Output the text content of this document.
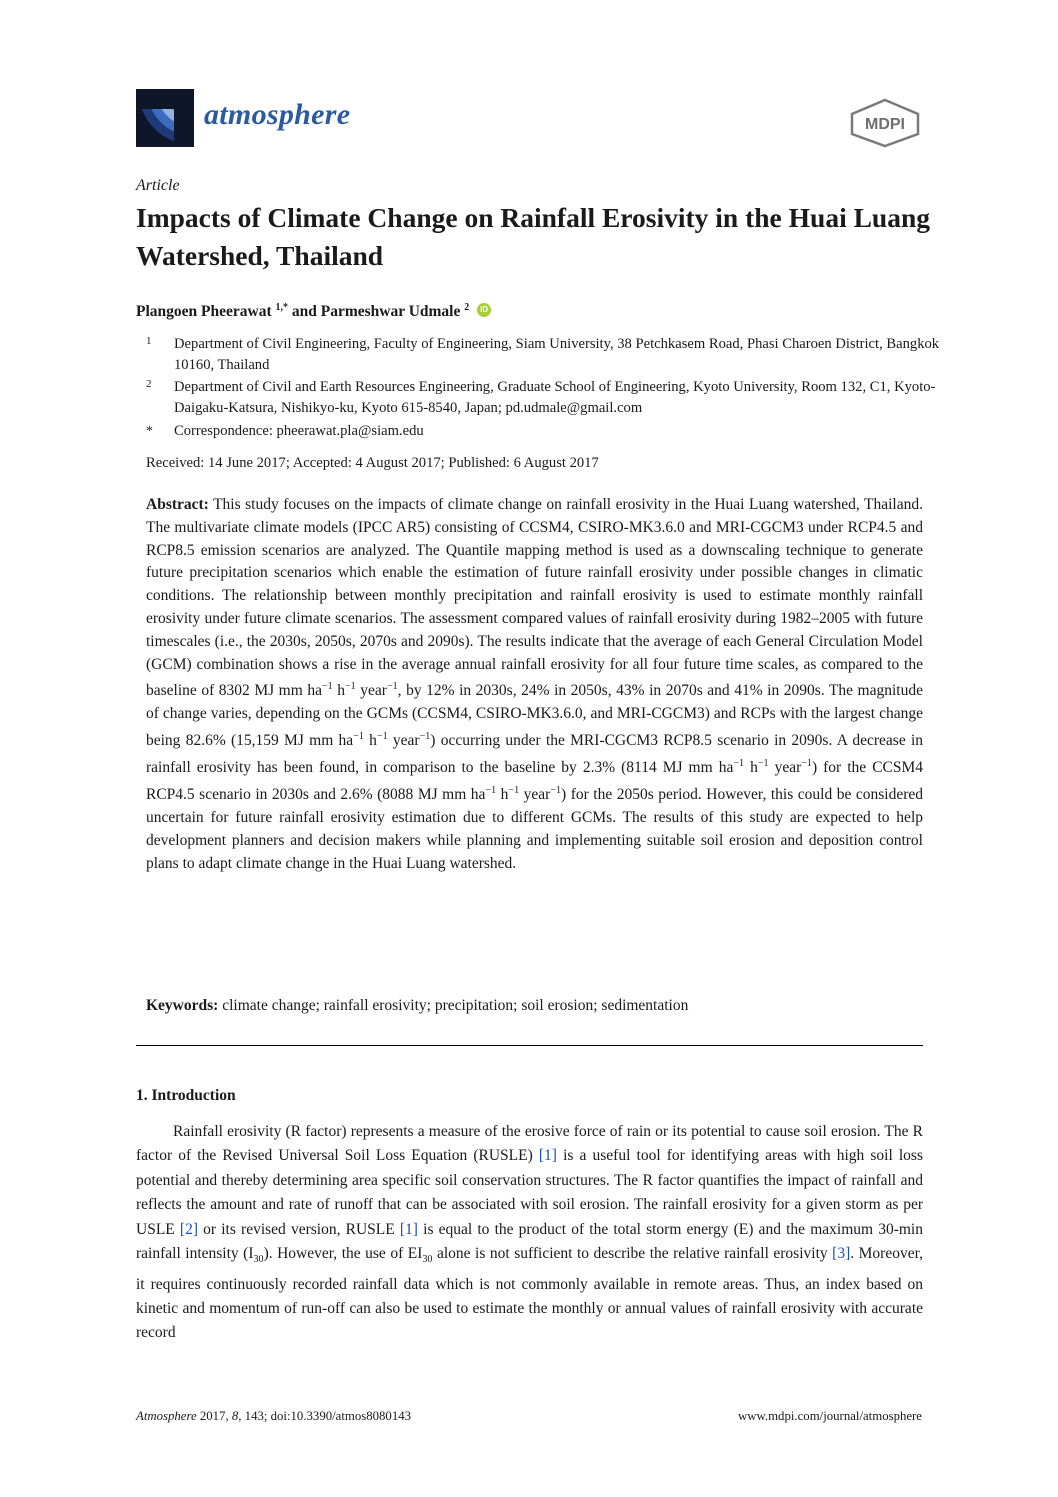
atmosphere	MDPI
Article
Impacts of Climate Change on Rainfall Erosivity in the Huai Luang Watershed, Thailand
Plangoen Pheerawat $^{1,*}$ and Parmeshwar Udmale $^2$ iD
1	Department of Civil Engineering, Faculty of Engineering, Siam University, 38 Petchkasem Road, Phasi Charoen District, Bangkok 10160, Thailand
2	Department of Civil and Earth Resources Engineering, Graduate School of Engineering, Kyoto University, Room 132, C1, Kyoto-Daigaku-Katsura, Nishikyo-ku, Kyoto 615-8540, Japan; pd.udmale@gmail.com
*	Correspondence: pheerawat.pla@siam.edu
Received: 14 June 2017; Accepted: 4 August 2017; Published: 6 August 2017
Abstract: This study focuses on the impacts of climate change on rainfall erosivity in the Huai Luang watershed, Thailand. The multivariate climate models (IPCC AR5) consisting of CCSM4, CSIRO-MK3.6.0 and MRI-CGCM3 under RCP4.5 and RCP8.5 emission scenarios are analyzed. The Quantile mapping method is used as a downscaling technique to generate future precipitation scenarios which enable the estimation of future rainfall erosivity under possible changes in climatic conditions. The relationship between monthly precipitation and rainfall erosivity is used to estimate monthly rainfall erosivity under future climate scenarios. The assessment compared values of rainfall erosivity during 1982–2005 with future timescales (i.e., the 2030s, 2050s, 2070s and 2090s). The results indicate that the average of each General Circulation Model (GCM) combination shows a rise in the average annual rainfall erosivity for all four future time scales, as compared to the baseline of 8302 MJ mm $ha^{-1}$ $h^{-1}$ year$^{-1}$, by 12% in 2030s, 24% in 2050s, 43% in 2070s and 41% in 2090s. The magnitude of change varies, depending on the GCMs (CCSM4, CSIRO-MK3.6.0, and MRI-CGCM3) and RCPs with the largest change being 82.6% (15,159 MJ mm $ha^{-1}$ $h^{-1}$ year$^{-1}$) occurring under the MRI-CGCM3 RCP8.5 scenario in 2090s. A decrease in rainfall erosivity has been found, in comparison to the baseline by 2.3% (8114 MJ mm $ha^{-1}$ $h^{-1}$ year$^{-1}$) for the CCSM4 RCP4.5 scenario in 2030s and 2.6% (8088 MJ mm $ha^{-1}$ $h^{-1}$ year$^{-1}$) for the 2050s period. However, this could be considered uncertain for future rainfall erosivity estimation due to different GCMs. The results of this study are expected to help development planners and decision makers while planning and implementing suitable soil erosion and deposition control plans to adapt climate change in the Huai Luang watershed.
Keywords: climate change; rainfall erosivity; precipitation; soil erosion; sedimentation
1. Introduction
Rainfall erosivity (R factor) represents a measure of the erosive force of rain or its potential to cause soil erosion. The R factor of the Revised Universal Soil Loss Equation (RUSLE) [1] is a useful tool for identifying areas with high soil loss potential and thereby determining area specific soil conservation structures. The R factor quantifies the impact of rainfall and reflects the amount and rate of runoff that can be associated with soil erosion. The rainfall erosivity for a given storm as per USLE [2] or its revised version, RUSLE [1] is equal to the product of the total storm energy (E) and the maximum 30-min rainfall intensity $(I_{30})$. However, the use of $EI_{30}$ alone is not sufficient to describe the relative rainfall erosivity [3]. Moreover, it requires continuously recorded rainfall data which is not commonly available in remote areas. Thus, an index based on kinetic and momentum of run-off can also be used to estimate the monthly or annual values of rainfall erosivity with accurate record
Atmosphere 2017, 8, 143; doi:10.3390/atmos8080143	www.mdpi.com/journal/atmosphere
